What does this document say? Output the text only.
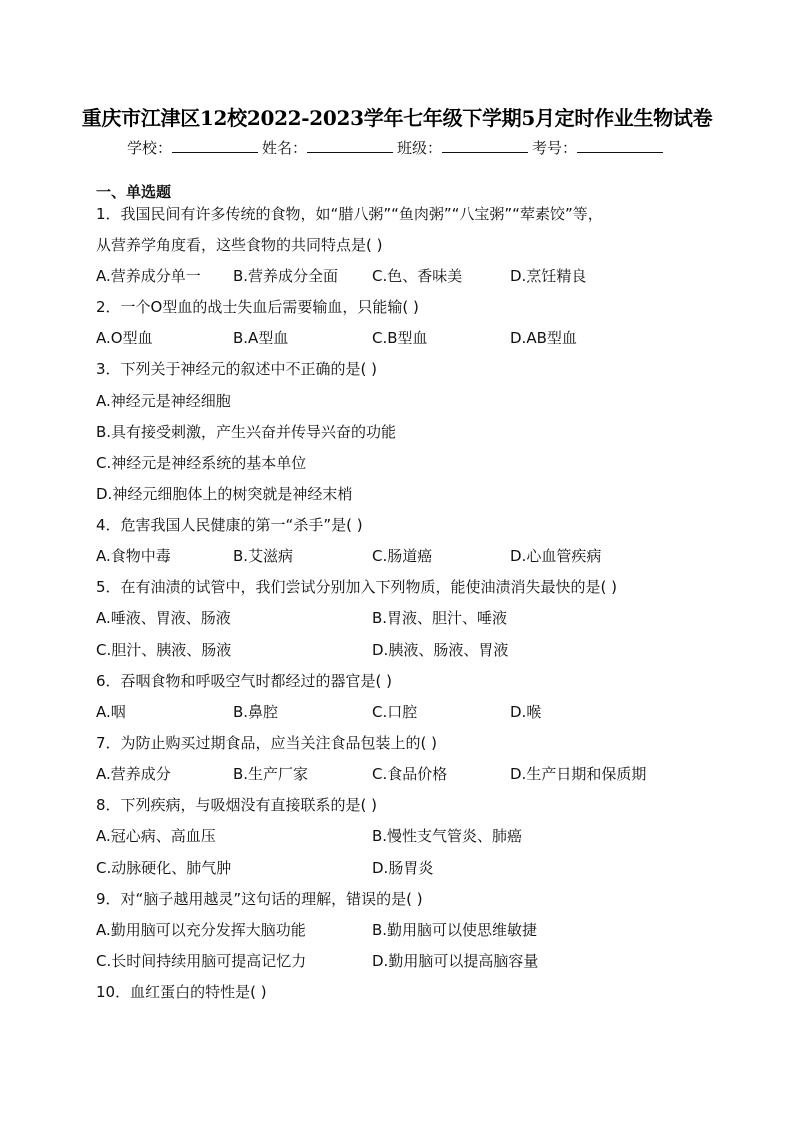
重庆市江津区12校2022-2023学年七年级下学期5月定时作业生物试卷
学校：	姓名：	班级：	考号：
一、单选题
1．我国民间有许多传统的食物，如“腊八粥”“鱼肉粥”“八宝粥”“荤素饺”等，
从营养学角度看，这些食物的共同特点是( )
A.营养成分单一 B.营养成分全面 C.色、香味美	D.烹饪精良
2．一个O型血的战士失血后需要输血，只能输( )
A.O型血	B.A型血	C.B型血	D.AB型血
3．下列关于神经元的叙述中不正确的是( )
A.神经元是神经细胞
B.具有接受刺激，产生兴奋并传导兴奋的功能
C.神经元是神经系统的基本单位
D.神经元细胞体上的树突就是神经末梢
4．危害我国人民健康的第一“杀手”是( )
A.食物中毒	B.艾滋病	C.肠道癌	D.心血管疾病
5．在有油渍的试管中，我们尝试分别加入下列物质，能使油渍消失最快的是( )
A.唾液、胃液、肠液	B.胃液、胆汁、唾液
C.胆汁、胰液、肠液	D.胰液、肠液、胃液
6．吞咽食物和呼吸空气时都经过的器官是( )
A.咽	B.鼻腔	C.口腔	D.喉
7．为防止购买过期食品，应当关注食品包装上的( )
A.营养成分	B.生产厂家	C.食品价格	D.生产日期和保质期
8．下列疾病，与吸烟没有直接联系的是( )
A.冠心病、高血压	B.慢性支气管炎、肺癌
C.动脉硬化、肺气肿	D.肠胃炎
9．对“脑子越用越灵”这句话的理解，错误的是( )
A.勤用脑可以充分发挥大脑功能	B.勤用脑可以使思维敏捷
C.长时间持续用脑可提高记忆力	D.勤用脑可以提高脑容量
10．血红蛋白的特性是( )
